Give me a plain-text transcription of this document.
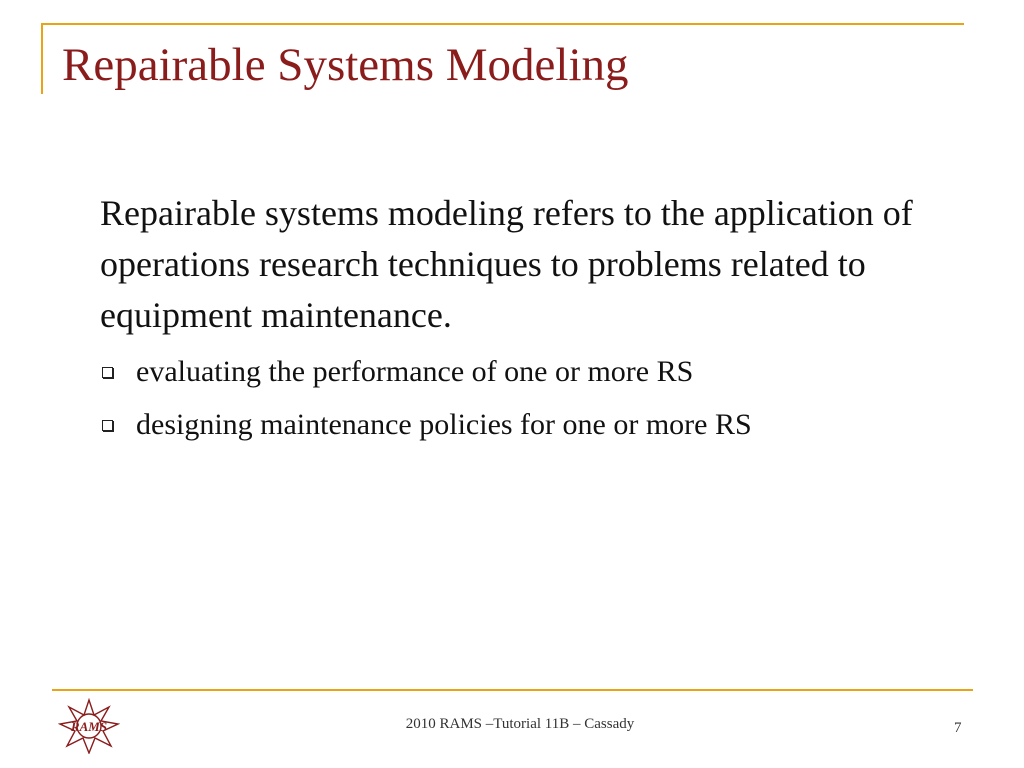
Repairable Systems Modeling

Repairable systems modeling refers to the application of operations research techniques to problems related to equipment maintenance.

evaluating the performance of one or more RS
designing maintenance policies for one or more RS
RAMS	2010 RAMS –Tutorial 11B – Cassady	7
